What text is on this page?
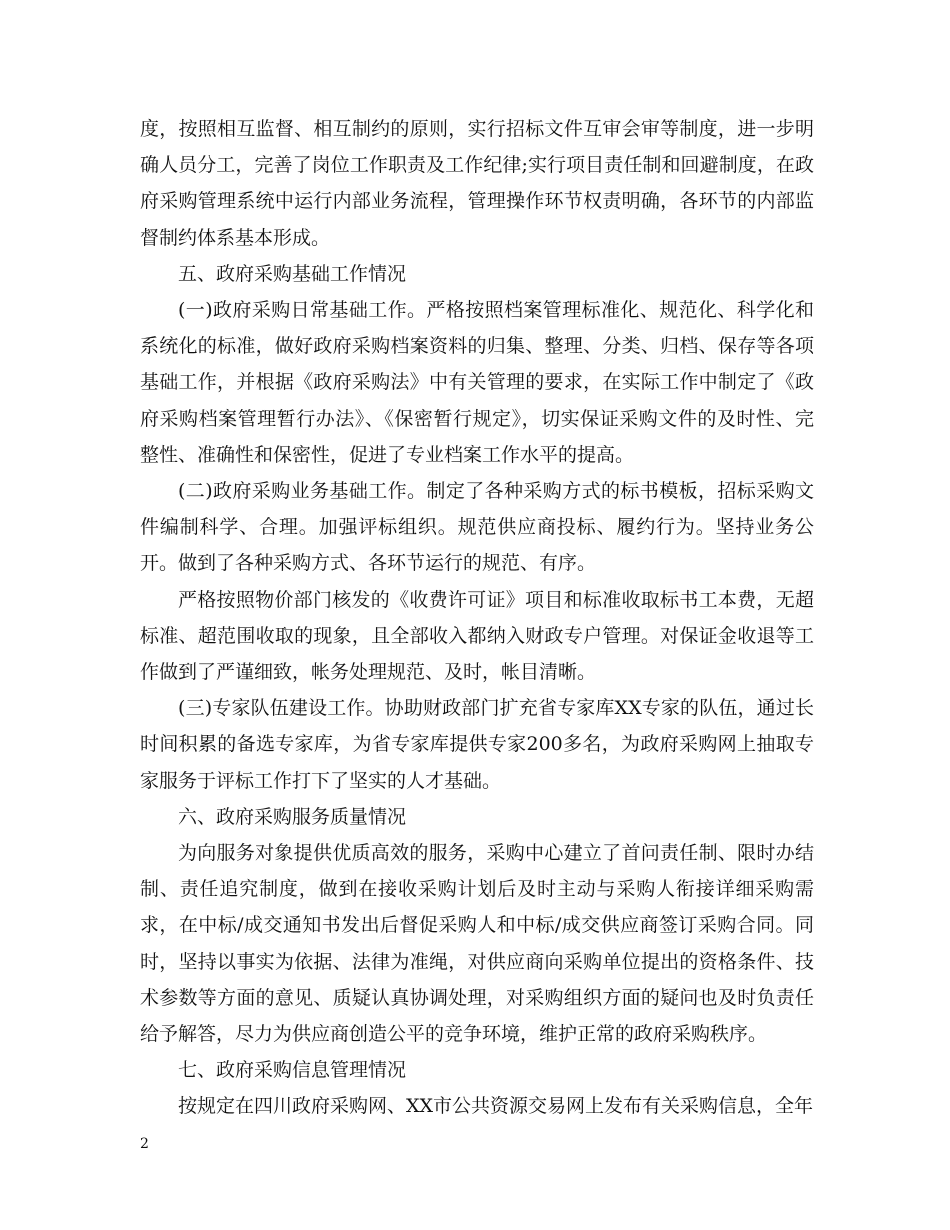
度，按照相互监督、相互制约的原则，实行招标文件互审会审等制度，进一步明确人员分工，完善了岗位工作职责及工作纪律;实行项目责任制和回避制度，在政府采购管理系统中运行内部业务流程，管理操作环节权责明确，各环节的内部监督制约体系基本形成。

五、政府采购基础工作情况

(一)政府采购日常基础工作。严格按照档案管理标准化、规范化、科学化和系统化的标准，做好政府采购档案资料的归集、整理、分类、归档、保存等各项基础工作，并根据《政府采购法》中有关管理的要求，在实际工作中制定了《政府采购档案管理暂行办法》、《保密暂行规定》，切实保证采购文件的及时性、完整性、准确性和保密性，促进了专业档案工作水平的提高。

(二)政府采购业务基础工作。制定了各种采购方式的标书模板，招标采购文件编制科学、合理。加强评标组织。规范供应商投标、履约行为。坚持业务公开。做到了各种采购方式、各环节运行的规范、有序。

严格按照物价部门核发的《收费许可证》项目和标准收取标书工本费，无超标准、超范围收取的现象，且全部收入都纳入财政专户管理。对保证金收退等工作做到了严谨细致，帐务处理规范、及时，帐目清晰。

(三)专家队伍建设工作。协助财政部门扩充省专家库XX专家的队伍，通过长时间积累的备选专家库，为省专家库提供专家200多名，为政府采购网上抽取专家服务于评标工作打下了坚实的人才基础。

六、政府采购服务质量情况

为向服务对象提供优质高效的服务，采购中心建立了首问责任制、限时办结制、责任追究制度，做到在接收采购计划后及时主动与采购人衔接详细采购需求，在中标/成交通知书发出后督促采购人和中标/成交供应商签订采购合同。同时，坚持以事实为依据、法律为准绳，对供应商向采购单位提出的资格条件、技术参数等方面的意见、质疑认真协调处理，对采购组织方面的疑问也及时负责任给予解答，尽力为供应商创造公平的竞争环境，维护正常的政府采购秩序。

七、政府采购信息管理情况

按规定在四川政府采购网、XX市公共资源交易网上发布有关采购信息，全年

2
